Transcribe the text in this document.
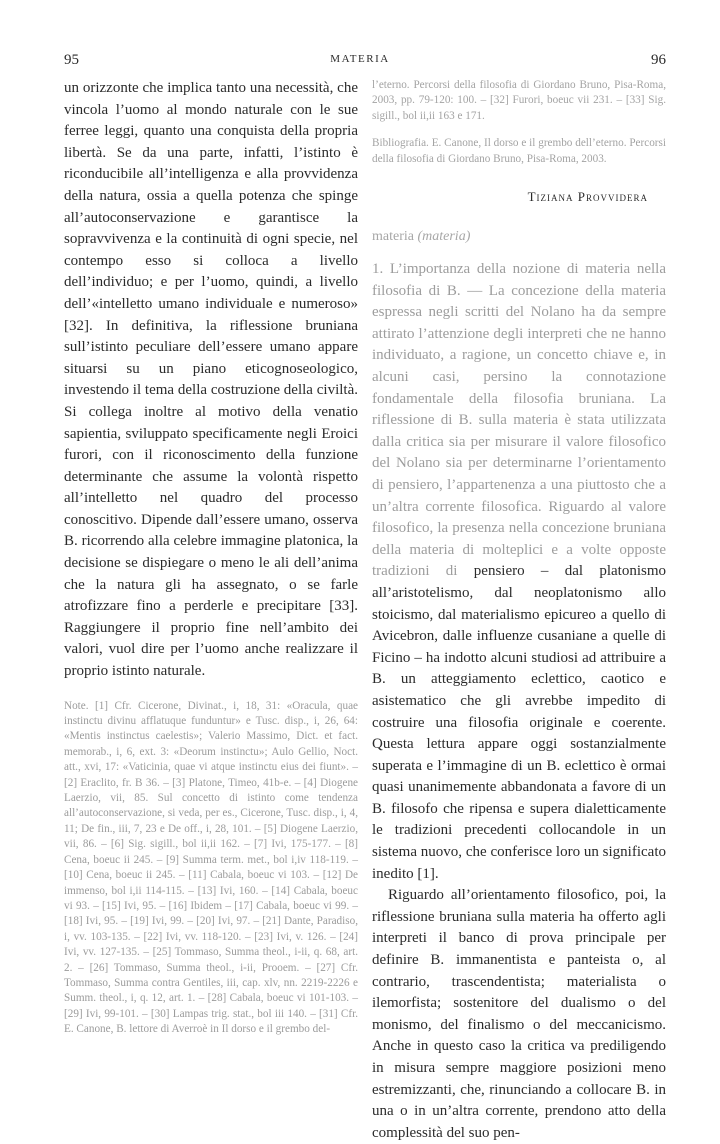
95	MATERIA	96

un orizzonte che implica tanto una necessità, che vincola l’uomo al mondo naturale con le sue ferree leggi, quanto una conquista della propria libertà. Se da una parte, infatti, l’istinto è riconducibile all’intelligenza e alla provvidenza della natura, ossia a quella potenza che spinge all’autoconservazione e garantisce la sopravvivenza e la continuità di ogni specie, nel contempo esso si colloca a livello dell’individuo; e per l’uomo, quindi, a livello dell’«intelletto umano individuale e numeroso» [32]. In definitiva, la riflessione bruniana sull’istinto peculiare dell’essere umano appare situarsi su un piano eticognoseologico, investendo il tema della costruzione della civiltà. Si collega inoltre al motivo della venatio sapientia, sviluppato specificamente negli Eroici furori, con il riconoscimento della funzione determinante che assume la volontà rispetto all’intelletto nel quadro del processo conoscitivo. Dipende dall’essere umano, osserva B. ricorrendo alla celebre immagine platonica, la decisione se dispiegare o meno le ali dell’anima che la natura gli ha assegnato, o se farle atrofizzare fino a perderle e precipitare [33]. Raggiungere il proprio fine nell’ambito dei valori, vuol dire per l’uomo anche realizzare il proprio istinto naturale.

Note. [1] Cfr. Cicerone, Divinat., i, 18, 31: «Oracula, quae instinctu divinu afflatuque funduntur» e Tusc. disp., i, 26, 64: «Mentis instinctus caelestis»; Valerio Massimo, Dict. et fact. memorab., i, 6, ext. 3: «Deorum instinctu»; Aulo Gellio, Noct. att., xvi, 17: «Vaticinia, quae vi atque instinctu eius dei fiunt». – [2] Eraclito, fr. B 36. – [3] Platone, Timeo, 41b-e. – [4] Diogene Laerzio, vii, 85. Sul concetto di istinto come tendenza all’autoconservazione, si veda, per es., Cicerone, Tusc. disp., i, 4, 11; De fin., iii, 7, 23 e De off., i, 28, 101. – [5] Diogene Laerzio, vii, 86. – [6] Sig. sigill., bol ii,ii 162. – [7] Ivi, 175-177. – [8] Cena, boeuc ii 245. – [9] Summa term. met., bol i,iv 118-119. – [10] Cena, boeuc ii 245. – [11] Cabala, boeuc vi 103. – [12] De immenso, bol i,ii 114-115. – [13] Ivi, 160. – [14] Cabala, boeuc vi 93. – [15] Ivi, 95. – [16] Ibidem – [17] Cabala, boeuc vi 99. – [18] Ivi, 95. – [19] Ivi, 99. – [20] Ivi, 97. – [21] Dante, Paradiso, i, vv. 103-135. – [22] Ivi, vv. 118-120. – [23] Ivi, v. 126. – [24] Ivi, vv. 127-135. – [25] Tommaso, Summa theol., i-ii, q. 68, art. 2. – [26] Tommaso, Summa theol., i-ii, Prooem. – [27] Cfr. Tommaso, Summa contra Gentiles, iii, cap. xlv, nn. 2219-2226 e Summ. theol., i, q. 12, art. 1. – [28] Cabala, boeuc vi 101-103. – [29] Ivi, 99-101. – [30] Lampas trig. stat., bol iii 140. – [31] Cfr. E. Canone, B. lettore di Averroè in Il dorso e il grembo del-

l’eterno. Percorsi della filosofia di Giordano Bruno, Pisa-Roma, 2003, pp. 79-120: 100. – [32] Furori, boeuc vii 231. – [33] Sig. sigill., bol ii,ii 163 e 171.

Bibliografia. E. Canone, Il dorso e il grembo dell’eterno. Percorsi della filosofia di Giordano Bruno, Pisa-Roma, 2003.

Tiziana Provvidera

materia (materia)

1. L’importanza della nozione di materia nella filosofia di B. — La concezione della materia espressa negli scritti del Nolano ha da sempre attirato l’attenzione degli interpreti che ne hanno individuato, a ragione, un concetto chiave e, in alcuni casi, persino la connotazione fondamentale della filosofia bruniana. La riflessione di B. sulla materia è stata utilizzata dalla critica sia per misurare il valore filosofico del Nolano sia per determinarne l’orientamento di pensiero, l’appartenenza a una piuttosto che a un’altra corrente filosofica. Riguardo al valore filosofico, la presenza nella concezione bruniana della materia di molteplici e a volte opposte tradizioni di pensiero – dal platonismo all’aristotelismo, dal neoplatonismo allo stoicismo, dal materialismo epicureo a quello di Avicebron, dalle influenze cusaniane a quelle di Ficino – ha indotto alcuni studiosi ad attribuire a B. un atteggiamento eclettico, caotico e asistematico che gli avrebbe impedito di costruire una filosofia originale e coerente. Questa lettura appare oggi sostanzialmente superata e l’immagine di un B. eclettico è ormai quasi unanimemente abbandonata a favore di un B. filosofo che ripensa e supera dialetticamente le tradizioni precedenti collocandole in un sistema nuovo, che conferisce loro un significato inedito [1].

Riguardo all’orientamento filosofico, poi, la riflessione bruniana sulla materia ha offerto agli interpreti il banco di prova principale per definire B. immanentista e panteista o, al contrario, trascendentista; materialista o ilemorfista; sostenitore del dualismo o del monismo, del finalismo o del meccanicismo. Anche in questo caso la critica va prediligendo in misura sempre maggiore posizioni meno estremizzanti, che, rinunciando a collocare B. in una o in un’altra corrente, prendono atto della complessità del suo pen-
